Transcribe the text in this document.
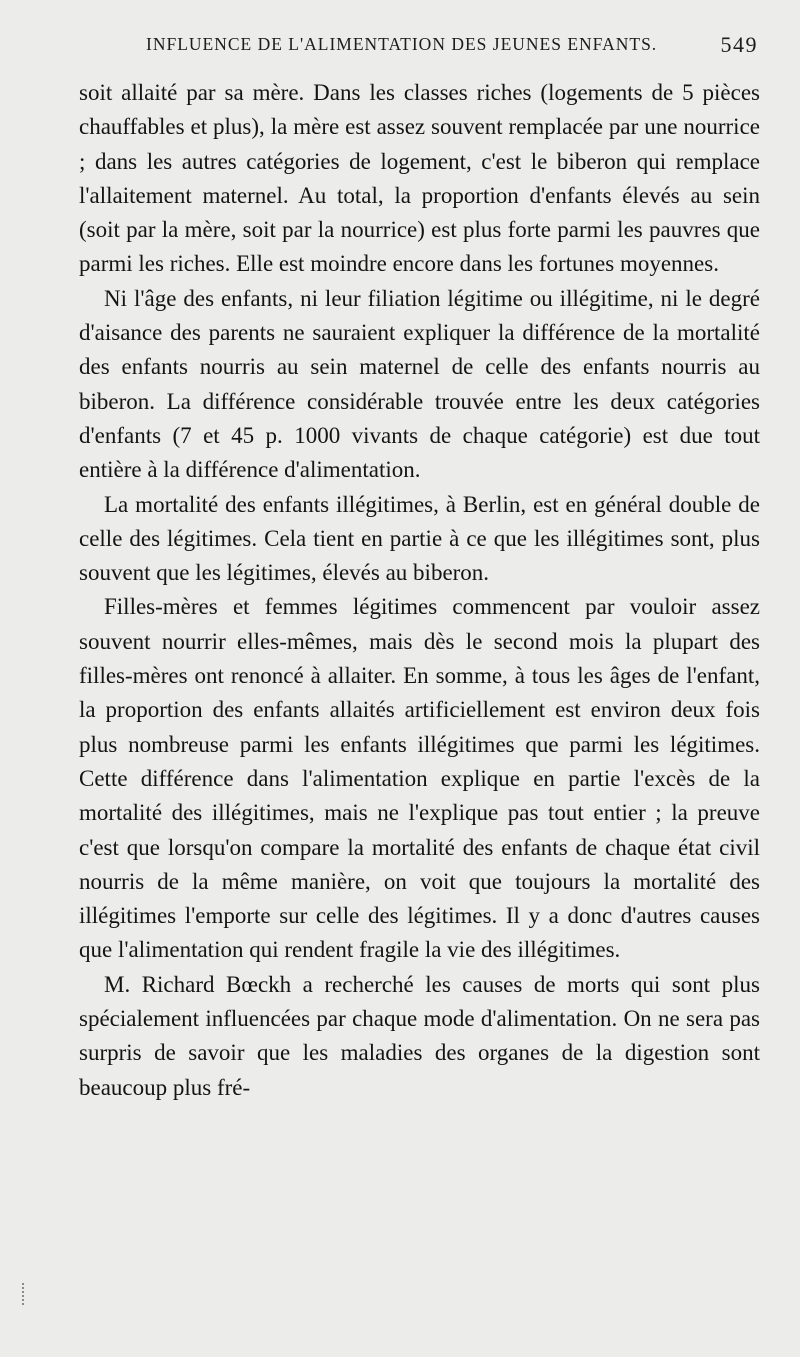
INFLUENCE DE L'ALIMENTATION DES JEUNES ENFANTS.	549

soit allaité par sa mère. Dans les classes riches (logements de 5 pièces chauffables et plus), la mère est assez souvent remplacée par une nourrice ; dans les autres catégories de logement, c'est le biberon qui remplace l'allaitement maternel. Au total, la proportion d'enfants élevés au sein (soit par la mère, soit par la nourrice) est plus forte parmi les pauvres que parmi les riches. Elle est moindre encore dans les fortunes moyennes.

Ni l'âge des enfants, ni leur filiation légitime ou illégitime, ni le degré d'aisance des parents ne sauraient expliquer la différence de la mortalité des enfants nourris au sein maternel de celle des enfants nourris au biberon. La différence considérable trouvée entre les deux catégories d'enfants (7 et 45 p. 1000 vivants de chaque catégorie) est due tout entière à la différence d'alimentation.

La mortalité des enfants illégitimes, à Berlin, est en général double de celle des légitimes. Cela tient en partie à ce que les illégitimes sont, plus souvent que les légitimes, élevés au biberon.

Filles-mères et femmes légitimes commencent par vouloir assez souvent nourrir elles-mêmes, mais dès le second mois la plupart des filles-mères ont renoncé à allaiter. En somme, à tous les âges de l'enfant, la proportion des enfants allaités artificiellement est environ deux fois plus nombreuse parmi les enfants illégitimes que parmi les légitimes. Cette différence dans l'alimentation explique en partie l'excès de la mortalité des illégitimes, mais ne l'explique pas tout entier ; la preuve c'est que lorsqu'on compare la mortalité des enfants de chaque état civil nourris de la même manière, on voit que toujours la mortalité des illégitimes l'emporte sur celle des légitimes. Il y a donc d'autres causes que l'alimentation qui rendent fragile la vie des illégitimes.

M. Richard Bœckh a recherché les causes de morts qui sont plus spécialement influencées par chaque mode d'alimentation. On ne sera pas surpris de savoir que les maladies des organes de la digestion sont beaucoup plus fré-
